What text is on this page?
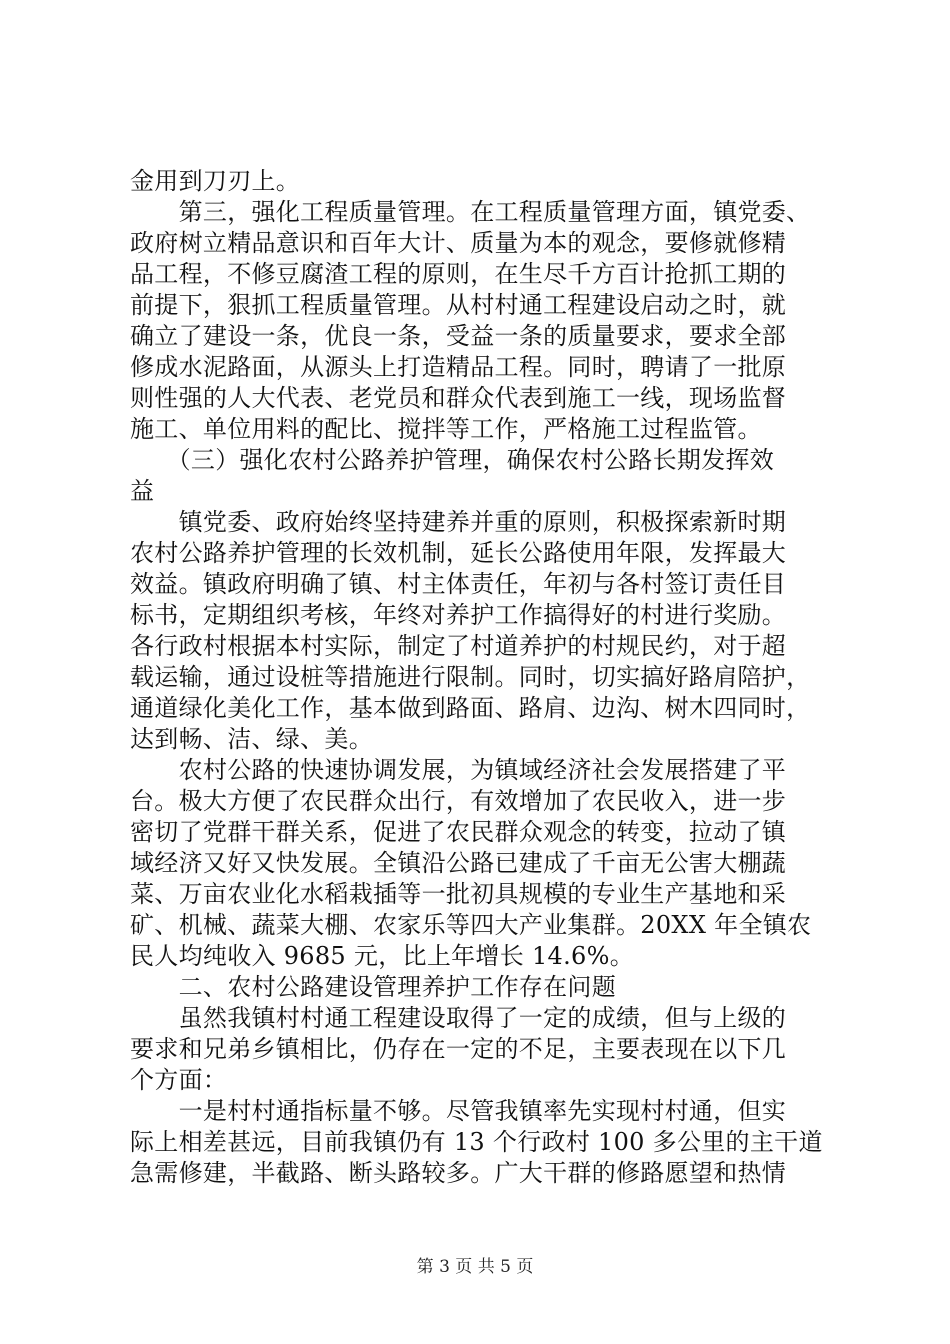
金用到刀刃上。
　　第三，强化工程质量管理。在工程质量管理方面，镇党委、
政府树立精品意识和百年大计、质量为本的观念，要修就修精
品工程，不修豆腐渣工程的原则，在生尽千方百计抢抓工期的
前提下，狠抓工程质量管理。从村村通工程建设启动之时，就
确立了建设一条，优良一条，受益一条的质量要求，要求全部
修成水泥路面，从源头上打造精品工程。同时，聘请了一批原
则性强的人大代表、老党员和群众代表到施工一线，现场监督
施工、单位用料的配比、搅拌等工作，严格施工过程监管。
　　（三）强化农村公路养护管理，确保农村公路长期发挥效
益
　　镇党委、政府始终坚持建养并重的原则，积极探索新时期
农村公路养护管理的长效机制，延长公路使用年限，发挥最大
效益。镇政府明确了镇、村主体责任，年初与各村签订责任目
标书，定期组织考核，年终对养护工作搞得好的村进行奖励。
各行政村根据本村实际，制定了村道养护的村规民约，对于超
载运输，通过设桩等措施进行限制。同时，切实搞好路肩陪护，
通道绿化美化工作，基本做到路面、路肩、边沟、树木四同时，
达到畅、洁、绿、美。
　　农村公路的快速协调发展，为镇域经济社会发展搭建了平
台。极大方便了农民群众出行，有效增加了农民收入，进一步
密切了党群干群关系，促进了农民群众观念的转变，拉动了镇
域经济又好又快发展。全镇沿公路已建成了千亩无公害大棚蔬
菜、万亩农业化水稻栽插等一批初具规模的专业生产基地和采
矿、机械、蔬菜大棚、农家乐等四大产业集群。20XX 年全镇农
民人均纯收入 9685 元，比上年增长 14.6%。
　　二、农村公路建设管理养护工作存在问题
　　虽然我镇村村通工程建设取得了一定的成绩，但与上级的
要求和兄弟乡镇相比，仍存在一定的不足，主要表现在以下几
个方面：
　　一是村村通指标量不够。尽管我镇率先实现村村通，但实
际上相差甚远，目前我镇仍有 13 个行政村 100 多公里的主干道
急需修建，半截路、断头路较多。广大干群的修路愿望和热情
第 3 页 共 5 页
